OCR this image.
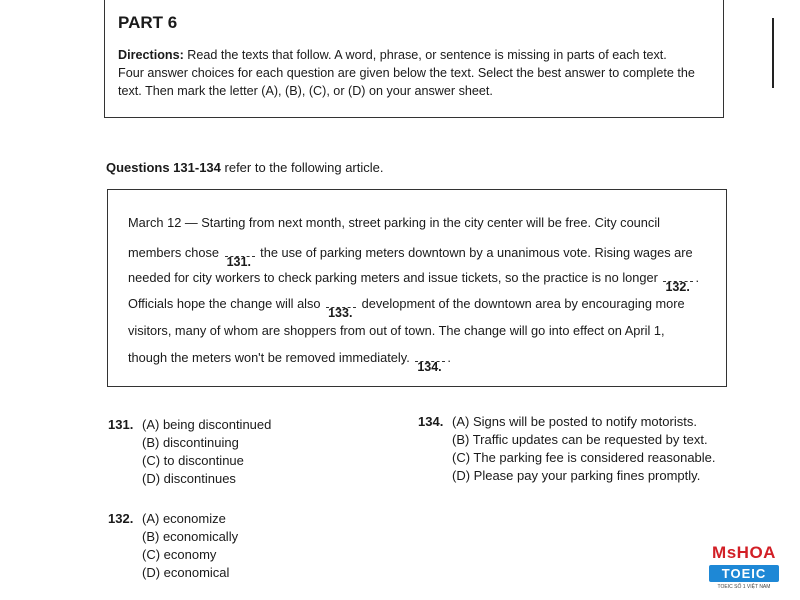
PART 6
Directions: Read the texts that follow. A word, phrase, or sentence is missing in parts of each text.
Four answer choices for each question are given below the text. Select the best answer to complete the
text. Then mark the letter (A), (B), (C), or (D) on your answer sheet.
Questions 131-134 refer to the following article.
March 12 — Starting from next month, street parking in the city center will be free. City council
members chose
131.
the use of parking meters downtown by a unanimous vote. Rising wages are
needed for city workers to check parking meters and issue tickets, so the practice is no longer
132.
.
Officials hope the change will also
133.
development of the downtown area by encouraging more
visitors, many of whom are shoppers from out of town. The change will go into effect on April 1,
though the meters won't be removed immediately.
134.
.
131. (A) being discontinued
(B) discontinuing
(C) to discontinue
(D) discontinues
132. (A) economize
(B) economically
(C) economy
(D) economical
134. (A) Signs will be posted to notify motorists.
(B) Traffic updates can be requested by text.
(C) The parking fee is considered reasonable.
(D) Please pay your parking fines promptly.
MsHOA
TOEIC
TOEIC SỐ 1 VIỆT NAM
